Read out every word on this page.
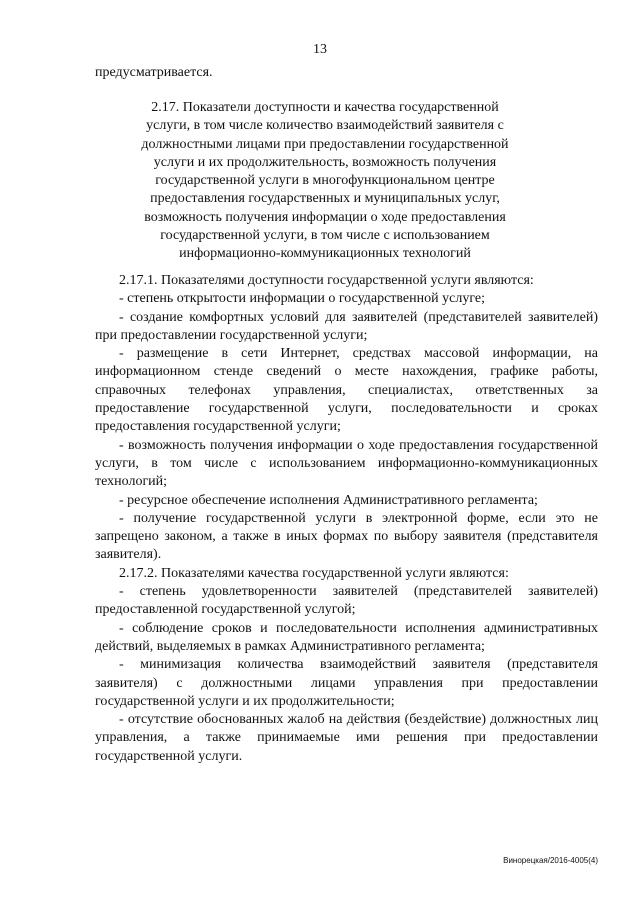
13
предусматривается.

2.17. Показатели доступности и качества государственной

услуги, в том числе количество взаимодействий заявителя с

должностными лицами при предоставлении государственной

услуги и их продолжительность, возможность получения

государственной услуги в многофункциональном центре

предоставления государственных и муниципальных услуг,

возможность получения информации о ходе предоставления

государственной услуги, в том числе с использованием

информационно-коммуникационных технологий

2.17.1. Показателями доступности государственной услуги являются:

- степень открытости информации о государственной услуге;

- создание комфортных условий для заявителей (представителей заявителей) при предоставлении государственной услуги;

- размещение в сети Интернет, средствах массовой информации, на информационном стенде сведений о месте нахождения, графике работы, справочных телефонах управления, специалистах, ответственных за предоставление государственной услуги, последовательности и сроках предоставления государственной услуги;

- возможность получения информации о ходе предоставления государственной услуги, в том числе с использованием информационно-коммуникационных технологий;

- ресурсное обеспечение исполнения Административного регламента;

- получение государственной услуги в электронной форме, если это не запрещено законом, а также в иных формах по выбору заявителя (представителя заявителя).

2.17.2. Показателями качества государственной услуги являются:

- степень удовлетворенности заявителей (представителей заявителей) предоставленной государственной услугой;

- соблюдение сроков и последовательности исполнения административных действий, выделяемых в рамках Административного регламента;

- минимизация количества взаимодействий заявителя (представителя заявителя) с должностными лицами управления при предоставлении государственной услуги и их продолжительности;

- отсутствие обоснованных жалоб на действия (бездействие) должностных лиц управления, а также принимаемые ими решения при предоставлении государственной услуги.

Винорецкая/2016-4005(4)
